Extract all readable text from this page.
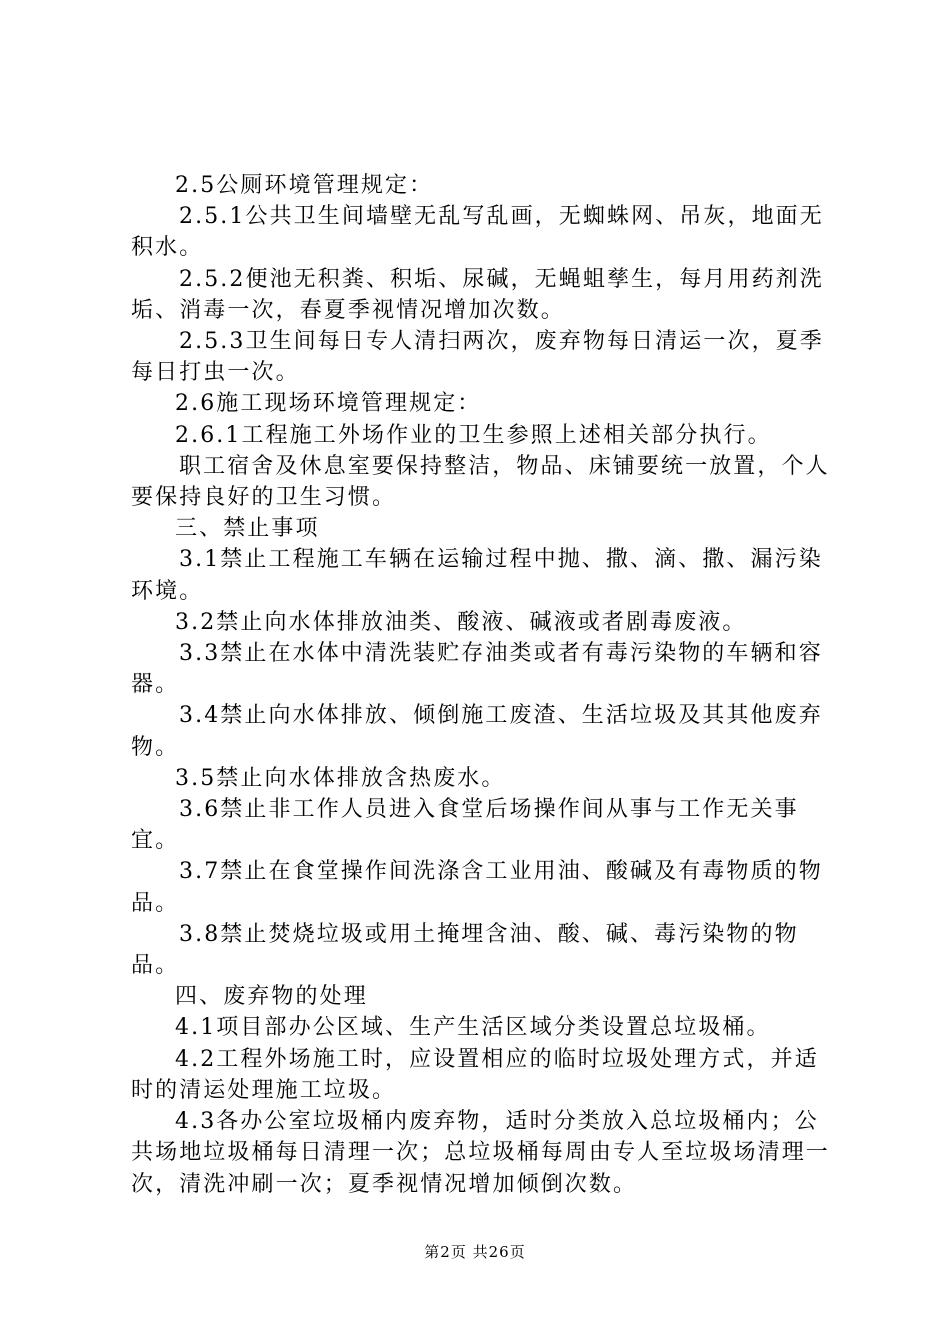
2.5公厕环境管理规定：

2.5.1公共卫生间墙壁无乱写乱画，无蜘蛛网、吊灰，地面无积水。

2.5.2便池无积粪、积垢、尿碱，无蝇蛆孳生，每月用药剂洗垢、消毒一次，春夏季视情况增加次数。

2.5.3卫生间每日专人清扫两次，废弃物每日清运一次，夏季每日打虫一次。

2.6施工现场环境管理规定：

2.6.1工程施工外场作业的卫生参照上述相关部分执行。

职工宿舍及休息室要保持整洁，物品、床铺要统一放置，个人要保持良好的卫生习惯。

三、禁止事项

3.1禁止工程施工车辆在运输过程中抛、撒、滴、撒、漏污染环境。

3.2禁止向水体排放油类、酸液、碱液或者剧毒废液。

3.3禁止在水体中清洗装贮存油类或者有毒污染物的车辆和容器。

3.4禁止向水体排放、倾倒施工废渣、生活垃圾及其其他废弃物。

3.5禁止向水体排放含热废水。

3.6禁止非工作人员进入食堂后场操作间从事与工作无关事宜。

3.7禁止在食堂操作间洗涤含工业用油、酸碱及有毒物质的物品。

3.8禁止焚烧垃圾或用土掩埋含油、酸、碱、毒污染物的物品。

四、废弃物的处理

4.1项目部办公区域、生产生活区域分类设置总垃圾桶。

4.2工程外场施工时，应设置相应的临时垃圾处理方式，并适时的清运处理施工垃圾。

4.3各办公室垃圾桶内废弃物，适时分类放入总垃圾桶内；公共场地垃圾桶每日清理一次；总垃圾桶每周由专人至垃圾场清理一次，清洗冲刷一次；夏季视情况增加倾倒次数。

第2页 共26页
